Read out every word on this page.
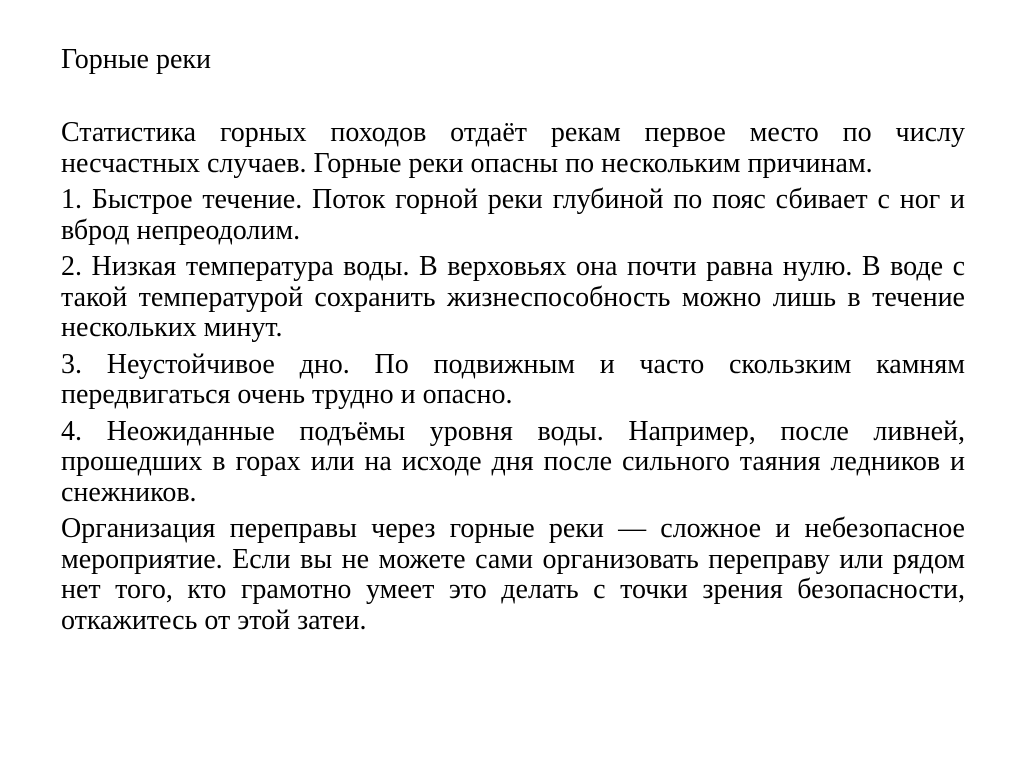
Горные реки

Статистика горных походов отдаёт рекам первое место по числу несчастных случаев. Горные реки опасны по нескольким причинам.

1. Быстрое течение. Поток горной реки глубиной по пояс сбивает с ног и вброд непреодолим.

2. Низкая температура воды. В верховьях она почти равна нулю. В воде с такой температурой сохранить жизнеспособность можно лишь в течение нескольких минут.

3. Неустойчивое дно. По подвижным и часто скользким камням передвигаться очень трудно и опасно.

4. Неожиданные подъёмы уровня воды. Например, после ливней, прошедших в горах или на исходе дня после сильного таяния ледников и снежников.

Организация переправы через горные реки — сложное и небезопасное мероприятие. Если вы не можете сами организовать переправу или рядом нет того, кто грамотно умеет это делать с точки зрения безопасности, откажитесь от этой затеи.
